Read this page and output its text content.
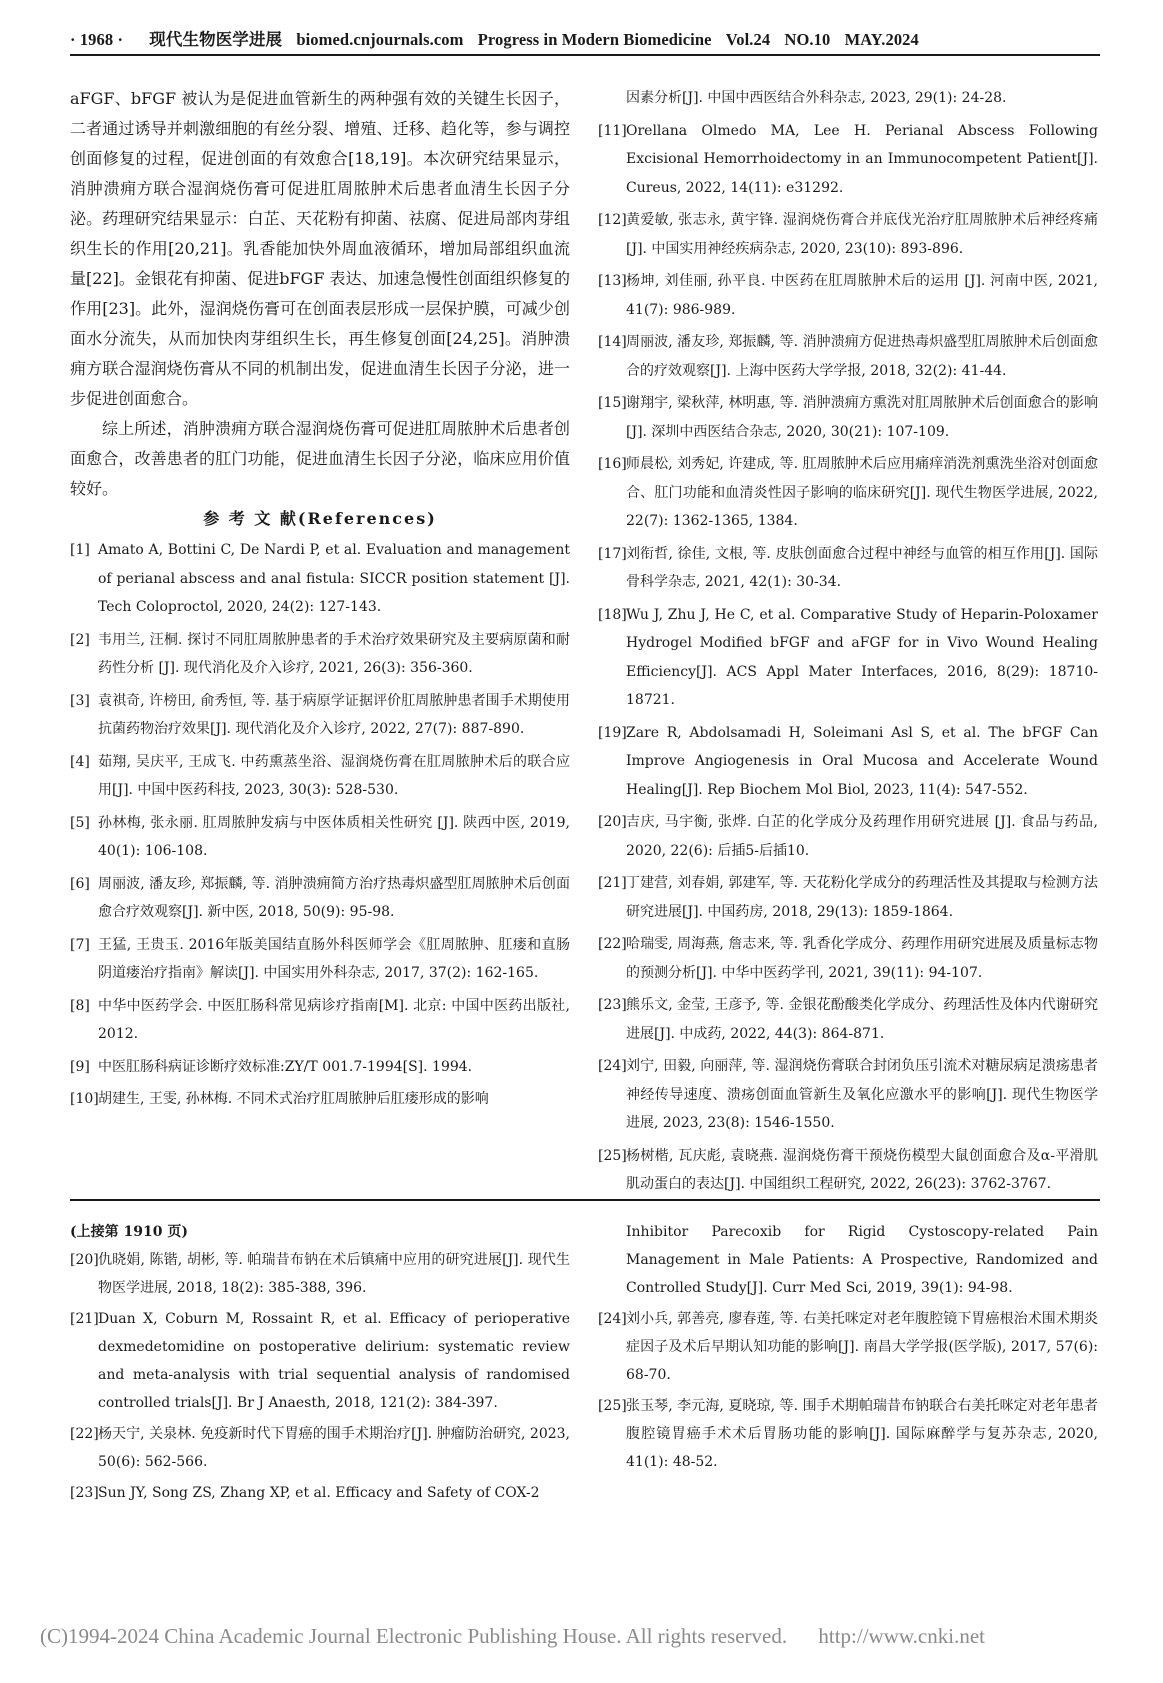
· 1968 · 现代生物医学进展 biomed.cnjournals.com Progress in Modern Biomedicine Vol.24 NO.10 MAY.2024

aFGF、bFGF 被认为是促进血管新生的两种强有效的关键生长因子，二者通过诱导并刺激细胞的有丝分裂、增殖、迁移、趋化等，参与调控创面修复的过程，促进创面的有效愈合[18,19]。本次研究结果显示，消肿溃痈方联合湿润烧伤膏可促进肛周脓肿术后患者血清生长因子分泌。药理研究结果显示：白芷、天花粉有抑菌、祛腐、促进局部肉芽组织生长的作用[20,21]。乳香能加快外周血液循环，增加局部组织血流量[22]。金银花有抑菌、促进bFGF 表达、加速急慢性创面组织修复的作用[23]。此外，湿润烧伤膏可在创面表层形成一层保护膜，可减少创面水分流失，从而加快肉芽组织生长，再生修复创面[24,25]。消肿溃痈方联合湿润烧伤膏从不同的机制出发，促进血清生长因子分泌，进一步促进创面愈合。

综上所述，消肿溃痈方联合湿润烧伤膏可促进肛周脓肿术后患者创面愈合，改善患者的肛门功能，促进血清生长因子分泌，临床应用价值较好。

参 考 文 献(References)
[1] Amato A, Bottini C, De Nardi P, et al. Evaluation and management of perianal abscess and anal fistula: SICCR position statement [J]. Tech Coloproctol, 2020, 24(2): 127-143.
[2] 韦用兰, 汪桐. 探讨不同肛周脓肿患者的手术治疗效果研究及主要病原菌和耐药性分析 [J]. 现代消化及介入诊疗, 2021, 26(3): 356-360.
[3] 袁祺奇, 许榜田, 俞秀恒, 等. 基于病原学证据评价肛周脓肿患者围手术期使用抗菌药物治疗效果[J]. 现代消化及介入诊疗, 2022, 27(7): 887-890.
[4] 茹翔, 吴庆平, 王成飞. 中药熏蒸坐浴、湿润烧伤膏在肛周脓肿术后的联合应用[J]. 中国中医药科技, 2023, 30(3): 528-530.
[5] 孙林梅, 张永丽. 肛周脓肿发病与中医体质相关性研究 [J]. 陕西中医, 2019, 40(1): 106-108.
[6] 周丽波, 潘友珍, 郑振麟, 等. 消肿溃痈简方治疗热毒炽盛型肛周脓肿术后创面愈合疗效观察[J]. 新中医, 2018, 50(9): 95-98.
[7] 王猛, 王贵玉. 2016年版美国结直肠外科医师学会《肛周脓肿、肛瘘和直肠阴道瘘治疗指南》解读[J]. 中国实用外科杂志, 2017, 37(2): 162-165.
[8] 中华中医药学会. 中医肛肠科常见病诊疗指南[M]. 北京: 中国中医药出版社, 2012.
[9] 中医肛肠科病证诊断疗效标准:ZY/T 001.7-1994[S]. 1994.
[10] 胡建生, 王雯, 孙林梅. 不同术式治疗肛周脓肿后肛瘘形成的影响
因素分析[J]. 中国中西医结合外科杂志, 2023, 29(1): 24-28.
[11] Orellana Olmedo MA, Lee H. Perianal Abscess Following Excisional Hemorrhoidectomy in an Immunocompetent Patient[J]. Cureus, 2022, 14(11): e31292.
[12] 黄爱敏, 张志永, 黄宇锋. 湿润烧伤膏合并底伐光治疗肛周脓肿术后神经疼痛[J]. 中国实用神经疾病杂志, 2020, 23(10): 893-896.
[13] 杨坤, 刘佳丽, 孙平良. 中医药在肛周脓肿术后的运用 [J]. 河南中医, 2021, 41(7): 986-989.
[14] 周丽波, 潘友珍, 郑振麟, 等. 消肿溃痈方促进热毒炽盛型肛周脓肿术后创面愈合的疗效观察[J]. 上海中医药大学学报, 2018, 32(2): 41-44.
[15] 谢翔宇, 梁秋萍, 林明惠, 等. 消肿溃痈方熏洗对肛周脓肿术后创面愈合的影响[J]. 深圳中西医结合杂志, 2020, 30(21): 107-109.
[16] 师晨松, 刘秀妃, 许建成, 等. 肛周脓肿术后应用痛痒消洗剂熏洗坐浴对创面愈合、肛门功能和血清炎性因子影响的临床研究[J]. 现代生物医学进展, 2022, 22(7): 1362-1365, 1384.
[17] 刘衔哲, 徐佳, 文根, 等. 皮肤创面愈合过程中神经与血管的相互作用[J]. 国际骨科学杂志, 2021, 42(1): 30-34.
[18] Wu J, Zhu J, He C, et al. Comparative Study of Heparin-Poloxamer Hydrogel Modified bFGF and aFGF for in Vivo Wound Healing Efficiency[J]. ACS Appl Mater Interfaces, 2016, 8(29): 18710-18721.
[19] Zare R, Abdolsamadi H, Soleimani Asl S, et al. The bFGF Can Improve Angiogenesis in Oral Mucosa and Accelerate Wound Healing[J]. Rep Biochem Mol Biol, 2023, 11(4): 547-552.
[20] 吉庆, 马宇衡, 张烨. 白芷的化学成分及药理作用研究进展 [J]. 食品与药品, 2020, 22(6): 后插5-后插10.
[21] 丁建营, 刘春娟, 郭建军, 等. 天花粉化学成分的药理活性及其提取与检测方法研究进展[J]. 中国药房, 2018, 29(13): 1859-1864.
[22] 哈瑞雯, 周海燕, 詹志来, 等. 乳香化学成分、药理作用研究进展及质量标志物的预测分析[J]. 中华中医药学刊, 2021, 39(11): 94-107.
[23] 熊乐文, 金莹, 王彦予, 等. 金银花酚酸类化学成分、药理活性及体内代谢研究进展[J]. 中成药, 2022, 44(3): 864-871.
[24] 刘宁, 田毅, 向丽萍, 等. 湿润烧伤膏联合封闭负压引流术对糖尿病足溃疡患者神经传导速度、溃疡创面血管新生及氧化应激水平的影响[J]. 现代生物医学进展, 2023, 23(8): 1546-1550.
[25] 杨树楷, 瓦庆彪, 袁晓燕. 湿润烧伤膏干预烧伤模型大鼠创面愈合及α-平滑肌肌动蛋白的表达[J]. 中国组织工程研究, 2022, 26(23): 3762-3767.
(上接第 1910 页)
[20] 仇晓娟, 陈锴, 胡彬, 等. 帕瑞昔布钠在术后镇痛中应用的研究进展[J]. 现代生物医学进展, 2018, 18(2): 385-388, 396.
[21] Duan X, Coburn M, Rossaint R, et al. Efficacy of perioperative dexmedetomidine on postoperative delirium: systematic review and meta-analysis with trial sequential analysis of randomised controlled trials[J]. Br J Anaesth, 2018, 121(2): 384-397.
[22] 杨天宁, 关泉林. 免疫新时代下胃癌的围手术期治疗[J]. 肿瘤防治研究, 2023, 50(6): 562-566.
[23] Sun JY, Song ZS, Zhang XP, et al. Efficacy and Safety of COX-2
Inhibitor Parecoxib for Rigid Cystoscopy-related Pain Management in Male Patients: A Prospective, Randomized and Controlled Study[J]. Curr Med Sci, 2019, 39(1): 94-98.
[24] 刘小兵, 郭善亮, 廖春莲, 等. 右美托咪定对老年腹腔镜下胃癌根治术围术期炎症因子及术后早期认知功能的影响[J]. 南昌大学学报(医学版), 2017, 57(6): 68-70.
[25] 张玉琴, 李元海, 夏晓琼, 等. 围手术期帕瑞昔布钠联合右美托咪定对老年患者腹腔镜胃癌手术术后胃肠功能的影响[J]. 国际麻醉学与复苏杂志, 2020, 41(1): 48-52.
(C)1994-2024 China Academic Journal Electronic Publishing House. All rights reserved. http://www.cnki.net
